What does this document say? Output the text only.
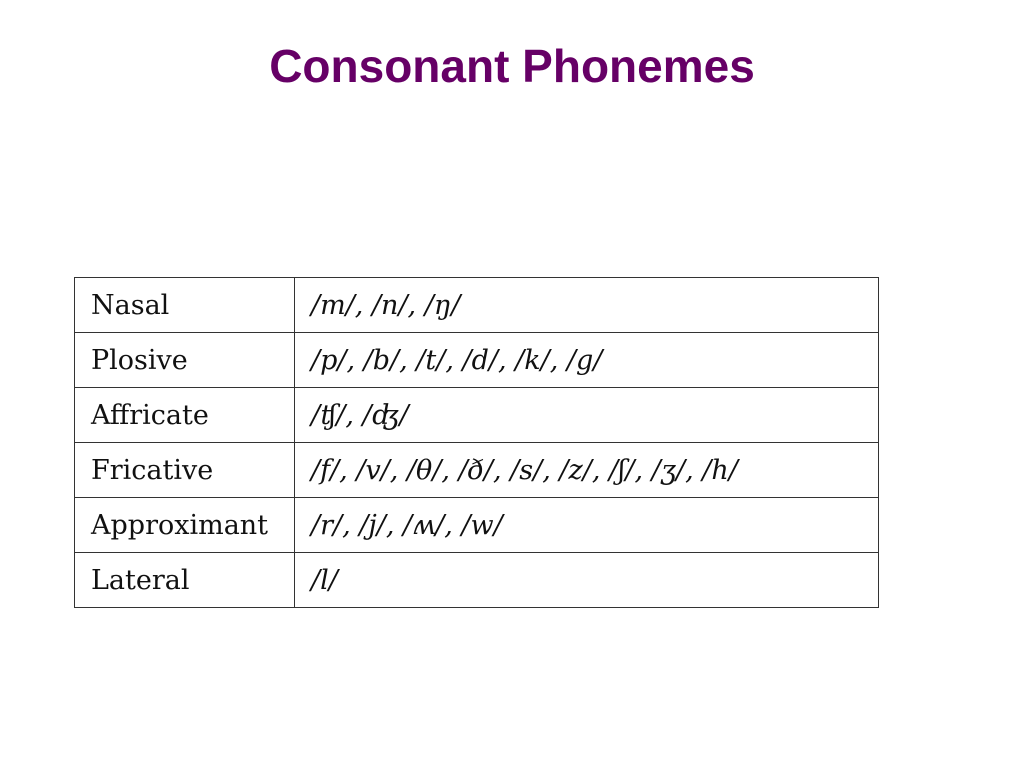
Consonant Phonemes
Nasal	/m/, /n/, /ŋ/
Plosive	/p/, /b/, /t/, /d/, /k/, /g/
Affricate	/ʧ/, /ʤ/
Fricative	/f/, /v/, /θ/, /ð/, /s/, /z/, /ʃ/, /ʒ/, /h/
Approximant	/r/, /j/, /ʍ/, /w/
Lateral	/l/
